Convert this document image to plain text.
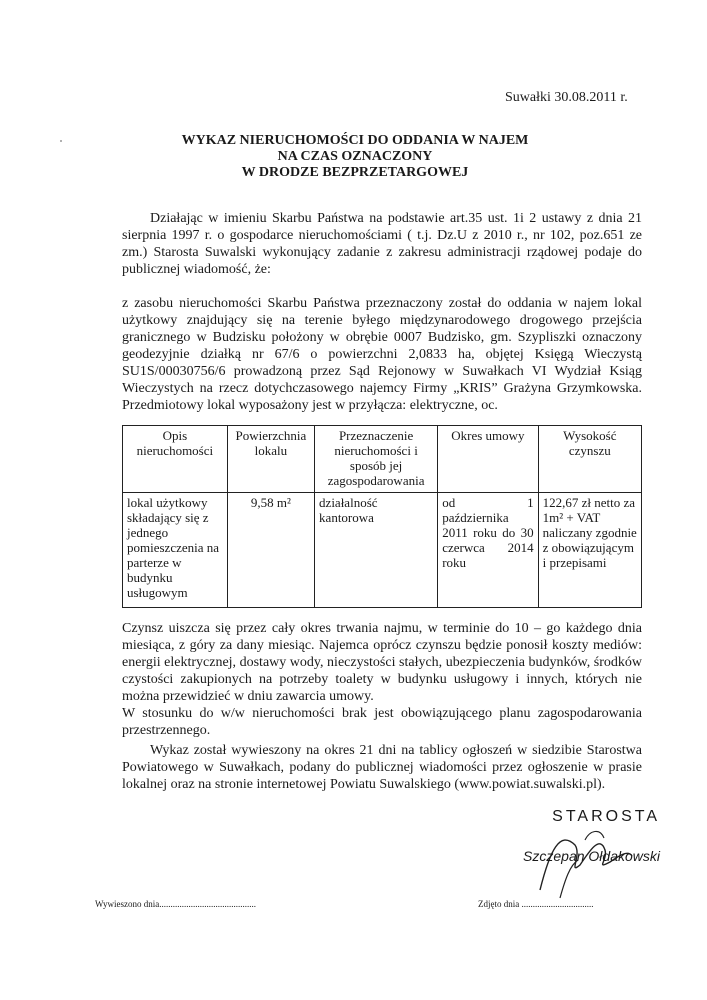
Suwałki 30.08.2011 r.
WYKAZ NIERUCHOMOŚCI DO ODDANIA W NAJEM
NA CZAS OZNACZONY
W DRODZE BEZPRZETARGOWEJ
Działając w imieniu Skarbu Państwa na podstawie art.35 ust. 1i 2 ustawy z dnia 21 sierpnia 1997 r. o gospodarce nieruchomościami ( t.j. Dz.U z 2010 r., nr 102, poz.651 ze zm.) Starosta Suwalski wykonujący zadanie z zakresu administracji rządowej podaje do publicznej wiadomość, że:
z zasobu nieruchomości Skarbu Państwa przeznaczony został do oddania w najem lokal użytkowy znajdujący się na terenie byłego międzynarodowego drogowego przejścia granicznego w Budzisku położony w obrębie 0007 Budzisko, gm. Szypliszki oznaczony geodezyjnie działką nr 67/6 o powierzchni 2,0833 ha, objętej Księgą Wieczystą SU1S/00030756/6 prowadzoną przez Sąd Rejonowy w Suwałkach VI Wydział Ksiąg Wieczystych na rzecz dotychczasowego najemcy Firmy „KRIS” Grażyna Grzymkowska. Przedmiotowy lokal wyposażony jest w przyłącza: elektryczne, oc.
Opis nieruchomości	Powierzchnia lokalu	Przeznaczenie nieruchomości i sposób jej zagospodarowania	Okres umowy	Wysokość czynszu
lokal użytkowy składający się z jednego pomieszczenia na parterze w budynku usługowym	9,58 m²	działalność kantorowa	od 1 października 2011 roku do 30 czerwca 2014 roku	122,67 zł netto za 1m² + VAT naliczany zgodnie z obowiązującym i przepisami
Czynsz uiszcza się przez cały okres trwania najmu, w terminie do 10 – go każdego dnia miesiąca, z góry za dany miesiąc. Najemca oprócz czynszu będzie ponosił koszty mediów: energii elektrycznej, dostawy wody, nieczystości stałych, ubezpieczenia budynków, środków czystości zakupionych na potrzeby toalety w budynku usługowy i innych, których nie można przewidzieć w dniu zawarcia umowy.
W stosunku do w/w nieruchomości brak jest obowiązującego planu zagospodarowania przestrzennego.
Wykaz został wywieszony na okres 21 dni na tablicy ogłoszeń w siedzibie Starostwa Powiatowego w Suwałkach, podany do publicznej wiadomości przez ogłoszenie w prasie lokalnej oraz na stronie internetowej Powiatu Suwalskiego (www.powiat.suwalski.pl).
STAROSTA
Szczepan Ołdakowski
Wywieszono dnia...........................................	Zdjęto dnia ................................
